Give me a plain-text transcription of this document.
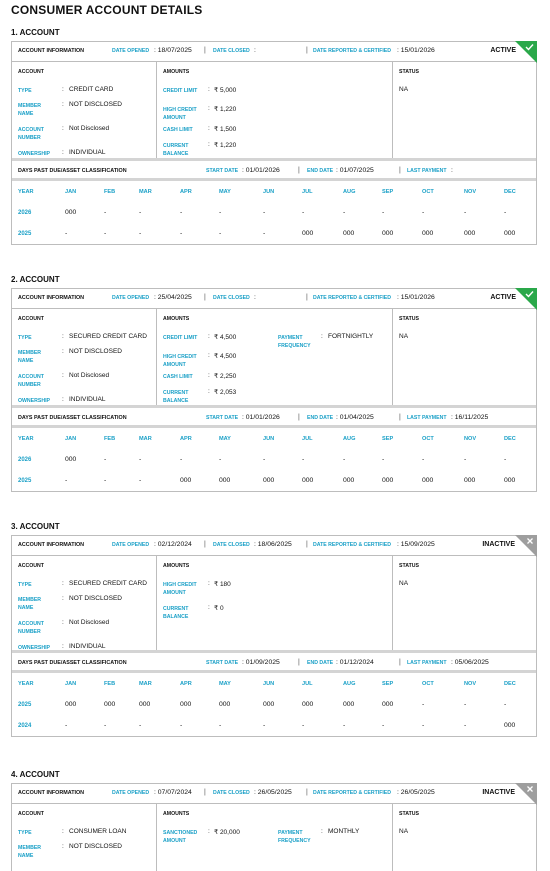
CONSUMER ACCOUNT DETAILS
1. ACCOUNT
ACCOUNT INFORMATION	DATE OPENED : 18/07/2025 | DATE CLOSED :	| DATE REPORTED & CERTIFIED : 15/01/2026	ACTIVE
ACCOUNT
TYPE	: CREDIT CARD
MEMBER NAME
: NOT DISCLOSED
ACCOUNT NUMBER
: Not Disclosed
OWNERSHIP	: INDIVIDUAL
AMOUNTS
CREDIT LIMIT	: ₹ 5,000
HIGH CREDIT AMOUNT
: ₹ 1,220
CASH LIMIT	: ₹ 1,500
CURRENT BALANCE
: ₹ 1,220
STATUS
NA
DAYS PAST DUE/ASSET CLASSIFICATION	START DATE : 01/01/2026	| END DATE : 01/07/2025	| LAST PAYMENT :
YEAR	JAN	FEB	MAR	APR	MAY	JUN	JUL	AUG	SEP	OCT	NOV	DEC
2026	000	-	-	-	-	-	-	-	-	-	-	-
2025	-	-	-	-	-	-	000	000	000	000	000	000
2. ACCOUNT
ACCOUNT INFORMATION	DATE OPENED : 25/04/2025 | DATE CLOSED :	| DATE REPORTED & CERTIFIED : 15/01/2026	ACTIVE
ACCOUNT
TYPE	: SECURED CREDIT CARD
MEMBER NAME
: NOT DISCLOSED
ACCOUNT NUMBER
: Not Disclosed
OWNERSHIP	: INDIVIDUAL
AMOUNTS
CREDIT LIMIT	: ₹ 4,500
HIGH CREDIT AMOUNT
: ₹ 4,500
CASH LIMIT	: ₹ 2,250
CURRENT BALANCE
: ₹ 2,053
PAYMENT FREQUENCY
: FORTNIGHTLY
STATUS
NA
DAYS PAST DUE/ASSET CLASSIFICATION	START DATE : 01/01/2026	| END DATE : 01/04/2025	| LAST PAYMENT : 16/11/2025
YEAR	JAN	FEB	MAR	APR	MAY	JUN	JUL	AUG	SEP	OCT	NOV	DEC
2026	000	-	-	-	-	-	-	-	-	-	-	-
2025	-	-	-	000	000	000	000	000	000	000	000	000
3. ACCOUNT
ACCOUNT INFORMATION	DATE OPENED : 02/12/2024 | DATE CLOSED : 18/06/2025 | DATE REPORTED & CERTIFIED : 15/09/2025	INACTIVE
ACCOUNT
TYPE	: SECURED CREDIT CARD
MEMBER NAME
: NOT DISCLOSED
ACCOUNT NUMBER
: Not Disclosed
OWNERSHIP	: INDIVIDUAL
AMOUNTS
HIGH CREDIT AMOUNT
: ₹ 180
CURRENT BALANCE
: ₹ 0
STATUS
NA
DAYS PAST DUE/ASSET CLASSIFICATION	START DATE : 01/09/2025	| END DATE : 01/12/2024	| LAST PAYMENT : 05/06/2025
YEAR	JAN	FEB	MAR	APR	MAY	JUN	JUL	AUG	SEP	OCT	NOV	DEC
2025	000	000	000	000	000	000	000	000	000	-	-	-
2024	-	-	-	-	-	-	-	-	-	-	-	000
4. ACCOUNT
ACCOUNT INFORMATION	DATE OPENED : 07/07/2024 | DATE CLOSED : 26/05/2025 | DATE REPORTED & CERTIFIED : 26/05/2025	INACTIVE
ACCOUNT
TYPE	: CONSUMER LOAN
MEMBER NAME
: NOT DISCLOSED
AMOUNTS
SANCTIONED AMOUNT
: ₹ 20,000	PAYMENT FREQUENCY
: MONTHLY
STATUS
NA
